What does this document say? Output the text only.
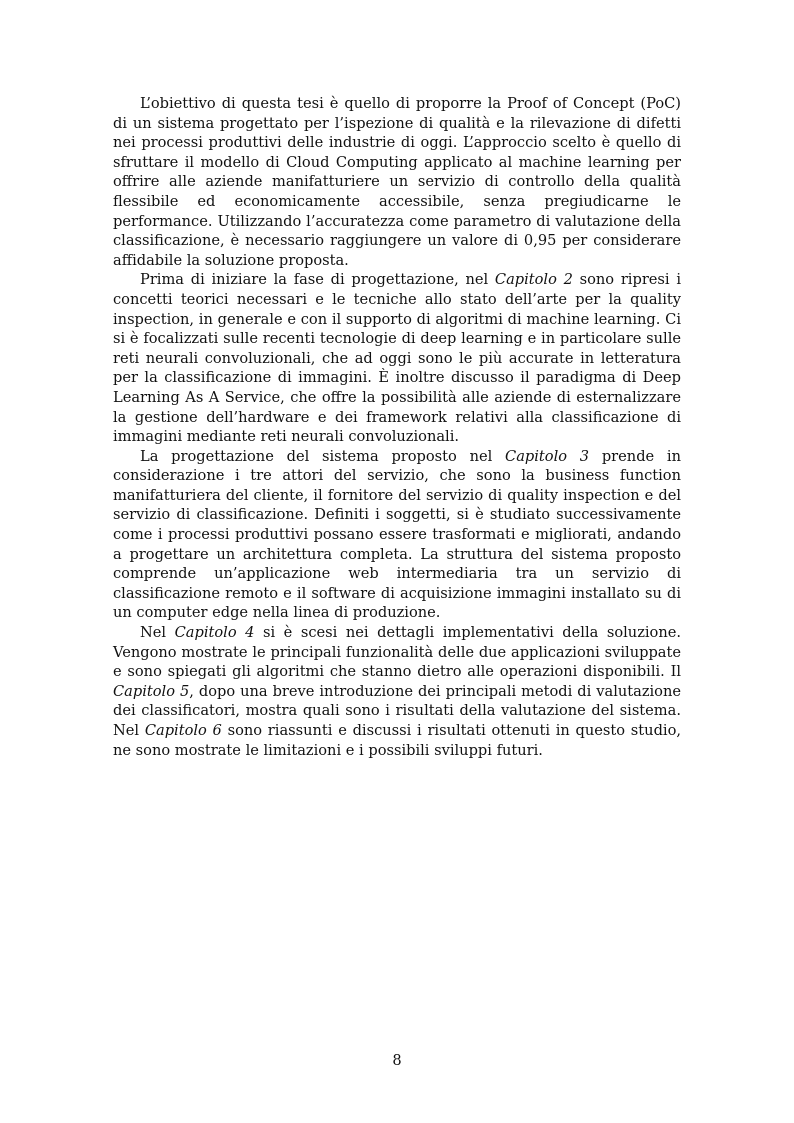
L’obiettivo di questa tesi è quello di proporre la Proof of Concept (PoC) di un sistema progettato per l’ispezione di qualità e la rilevazione di difetti nei processi produttivi delle industrie di oggi. L’approccio scelto è quello di sfruttare il modello di Cloud Computing applicato al machine learning per offrire alle aziende manifatturiere un servizio di controllo della qualità flessibile ed economicamente accessibile, senza pregiudicarne le performance. Utilizzando l’accuratezza come parametro di valutazione della classificazione, è necessario raggiungere un valore di 0,95 per considerare affidabile la soluzione proposta.

Prima di iniziare la fase di progettazione, nel Capitolo 2 sono ripresi i concetti teorici necessari e le tecniche allo stato dell’arte per la quality inspection, in generale e con il supporto di algoritmi di machine learning. Ci si è focalizzati sulle recenti tecnologie di deep learning e in particolare sulle reti neurali convoluzionali, che ad oggi sono le più accurate in letteratura per la classificazione di immagini. È inoltre discusso il paradigma di Deep Learning As A Service, che offre la possibilità alle aziende di esternalizzare la gestione dell’hardware e dei framework relativi alla classificazione di immagini mediante reti neurali convoluzionali.

La progettazione del sistema proposto nel Capitolo 3 prende in considerazione i tre attori del servizio, che sono la business function manifatturiera del cliente, il fornitore del servizio di quality inspection e del servizio di classificazione. Definiti i soggetti, si è studiato successivamente come i processi produttivi possano essere trasformati e migliorati, andando a progettare un architettura completa. La struttura del sistema proposto comprende un’applicazione web intermediaria tra un servizio di classificazione remoto e il software di acquisizione immagini installato su di un computer edge nella linea di produzione.

Nel Capitolo 4 si è scesi nei dettagli implementativi della soluzione. Vengono mostrate le principali funzionalità delle due applicazioni sviluppate e sono spiegati gli algoritmi che stanno dietro alle operazioni disponibili. Il Capitolo 5, dopo una breve introduzione dei principali metodi di valutazione dei classificatori, mostra quali sono i risultati della valutazione del sistema. Nel Capitolo 6 sono riassunti e discussi i risultati ottenuti in questo studio, ne sono mostrate le limitazioni e i possibili sviluppi futuri.

8
